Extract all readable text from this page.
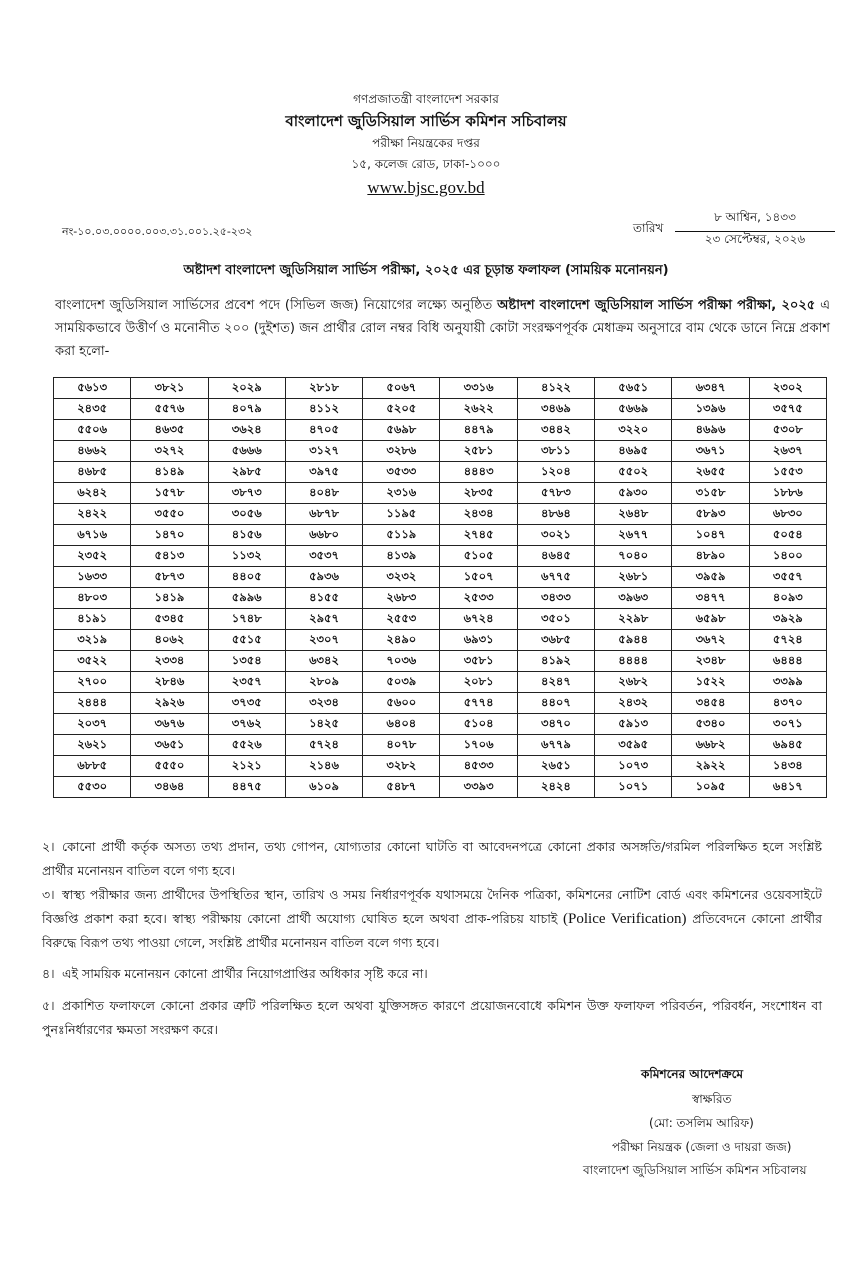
গণপ্রজাতন্ত্রী বাংলাদেশ সরকার
বাংলাদেশ জুডিসিয়াল সার্ভিস কমিশন সচিবালয়
পরীক্ষা নিয়ন্ত্রকের দপ্তর
১৫, কলেজ রোড, ঢাকা-১০০০
www.bjsc.gov.bd
নং-১০.০৩.০০০০.০০৩.৩১.০০১.২৫-২৩২	তারিখ
৮ আশ্বিন, ১৪৩৩
২৩ সেপ্টেম্বর, ২০২৬
অষ্টাদশ বাংলাদেশ জুডিসিয়াল সার্ভিস পরীক্ষা, ২০২৫ এর চূড়ান্ত ফলাফল (সাময়িক মনোনয়ন)
বাংলাদেশ জুডিসিয়াল সার্ভিসের প্রবেশ পদে (সিভিল জজ) নিয়োগের লক্ষ্যে অনুষ্ঠিত অষ্টাদশ বাংলাদেশ জুডিসিয়াল সার্ভিস পরীক্ষা পরীক্ষা, ২০২৫ এ সাময়িকভাবে উত্তীর্ণ ও মনোনীত ২০০ (দুইশত) জন প্রার্থীর রোল নম্বর বিধি অনুযায়ী কোটা সংরক্ষণপূর্বক মেধাক্রম অনুসারে বাম থেকে ডানে নিম্নে প্রকাশ করা হলো-
৫৬১৩	৩৮২১	২০২৯	২৮১৮	৫০৬৭	৩৩১৬	৪১২২	৫৬৫১	৬৩৪৭	২৩০২
২৪৩৫	৫৫৭৬	৪০৭৯	৪১১২	৫২০৫	২৬২২	৩৪৬৯	৫৬৬৯	১৩৯৬	৩৫৭৫
৫৫০৬	৪৬৩৫	৩৬২৪	৪৭০৫	৫৬৯৮	৪৪৭৯	৩৪৪২	৩২২০	৪৬৯৬	৫৩০৮
৪৬৬২	৩২৭২	৫৬৬৬	৩১২৭	৩২৮৬	২৫৮১	৩৮১১	৪৬৯৫	৩৬৭১	২৬৩৭
৪৬৮৫	৪১৪৯	২৯৮৫	৩৯৭৫	৩৫৩৩	৪৪৪৩	১২০৪	৫৫০২	২৬৫৫	১৫৫৩
৬২৪২	১৫৭৮	৩৮৭৩	৪০৪৮	২৩১৬	২৮৩৫	৫৭৮৩	৫৯৩০	৩১৫৮	১৮৮৬
২৪২২	৩৫৫০	৩০৫৬	৬৮৭৮	১১৯৫	২৪৩৪	৪৮৬৪	২৬৪৮	৫৮৯৩	৬৮৩০
৬৭১৬	১৪৭০	৪১৫৬	৬৬৮০	৫১১৯	২৭৪৫	৩০২১	২৬৭৭	১০৪৭	৫০৫৪
২৩৫২	৫৪১৩	১১৩২	৩৫৩৭	৪১৩৯	৫১০৫	৪৬৪৫	৭০৪০	৪৮৯০	১৪০০
১৬৩৩	৫৮৭৩	৪৪০৫	৫৯৩৬	৩২৩২	১৫০৭	৬৭৭৫	২৬৮১	৩৯৫৯	৩৫৫৭
৪৮০৩	১৪১৯	৫৯৯৬	৪১৫৫	২৬৮৩	২৫৩৩	৩৪৩৩	৩৯৬৩	৩৪৭৭	৪০৯৩
৪১৯১	৫৩৪৫	১৭৪৮	২৯৫৭	২৫৫৩	৬৭২৪	৩৫০১	২২৯৮	৬৫৯৮	৩৯২৯
৩২১৯	৪০৬২	৫৫১৫	২৩০৭	২৪৯০	৬৯৩১	৩৬৮৫	৫৯৪৪	৩৬৭২	৫৭২৪
৩৫২২	২৩৩৪	১৩৫৪	৬৩৪২	৭০৩৬	৩৫৮১	৪১৯২	৪৪৪৪	২৩৪৮	৬৪৪৪
২৭০০	২৮৪৬	২৩৫৭	২৮০৯	৫০৩৯	২০৮১	৪২৪৭	২৬৮২	১৫২২	৩৩৯৯
২৪৪৪	২৯২৬	৩৭৩৫	৩২৩৪	৫৬০০	৫৭৭৪	৪৪০৭	২৪৩২	৩৪৫৪	৪৩৭০
২০৩৭	৩৬৭৬	৩৭৬২	১৪২৫	৬৪০৪	৫১০৪	৩৪৭০	৫৯১৩	৫৩৪০	৩০৭১
২৬২১	৩৬৫১	৫৫২৬	৫৭২৪	৪০৭৮	১৭০৬	৬৭৭৯	৩৫৯৫	৬৬৮২	৬৯৪৫
৬৮৮৫	৫৫৫০	২১২১	২১৪৬	৩২৮২	৪৫৩৩	২৬৫১	১০৭৩	২৯২২	১৪৩৪
৫৫৩০	৩৪৬৪	৪৪৭৫	৬১০৯	৫৪৮৭	৩৩৯৩	২৪২৪	১০৭১	১০৯৫	৬৪১৭
২। কোনো প্রার্থী কর্তৃক অসত্য তথ্য প্রদান, তথ্য গোপন, যোগ্যতার কোনো ঘাটতি বা আবেদনপত্রে কোনো প্রকার অসঙ্গতি/গরমিল পরিলক্ষিত হলে সংশ্লিষ্ট প্রার্থীর মনোনয়ন বাতিল বলে গণ্য হবে।
৩। স্বাস্থ্য পরীক্ষার জন্য প্রার্থীদের উপস্থিতির স্থান, তারিখ ও সময় নির্ধারণপূর্বক যথাসময়ে দৈনিক পত্রিকা, কমিশনের নোটিশ বোর্ড এবং কমিশনের ওয়েবসাইটে বিজ্ঞপ্তি প্রকাশ করা হবে। স্বাস্থ্য পরীক্ষায় কোনো প্রার্থী অযোগ্য ঘোষিত হলে অথবা প্রাক-পরিচয় যাচাই (Police Verification) প্রতিবেদনে কোনো প্রার্থীর বিরুদ্ধে বিরূপ তথ্য পাওয়া গেলে, সংশ্লিষ্ট প্রার্থীর মনোনয়ন বাতিল বলে গণ্য হবে।
৪। এই সাময়িক মনোনয়ন কোনো প্রার্থীর নিয়োগপ্রাপ্তির অধিকার সৃষ্টি করে না।
৫। প্রকাশিত ফলাফলে কোনো প্রকার ত্রুটি পরিলক্ষিত হলে অথবা যুক্তিসঙ্গত কারণে প্রয়োজনবোধে কমিশন উক্ত ফলাফল পরিবর্তন, পরিবর্ধন, সংশোধন বা পুনঃনির্ধারণের ক্ষমতা সংরক্ষণ করে।
কমিশনের আদেশক্রমে
স্বাক্ষরিত
(মো: তসলিম আরিফ)
পরীক্ষা নিয়ন্ত্রক (জেলা ও দায়রা জজ)
বাংলাদেশ জুডিসিয়াল সার্ভিস কমিশন সচিবালয়
